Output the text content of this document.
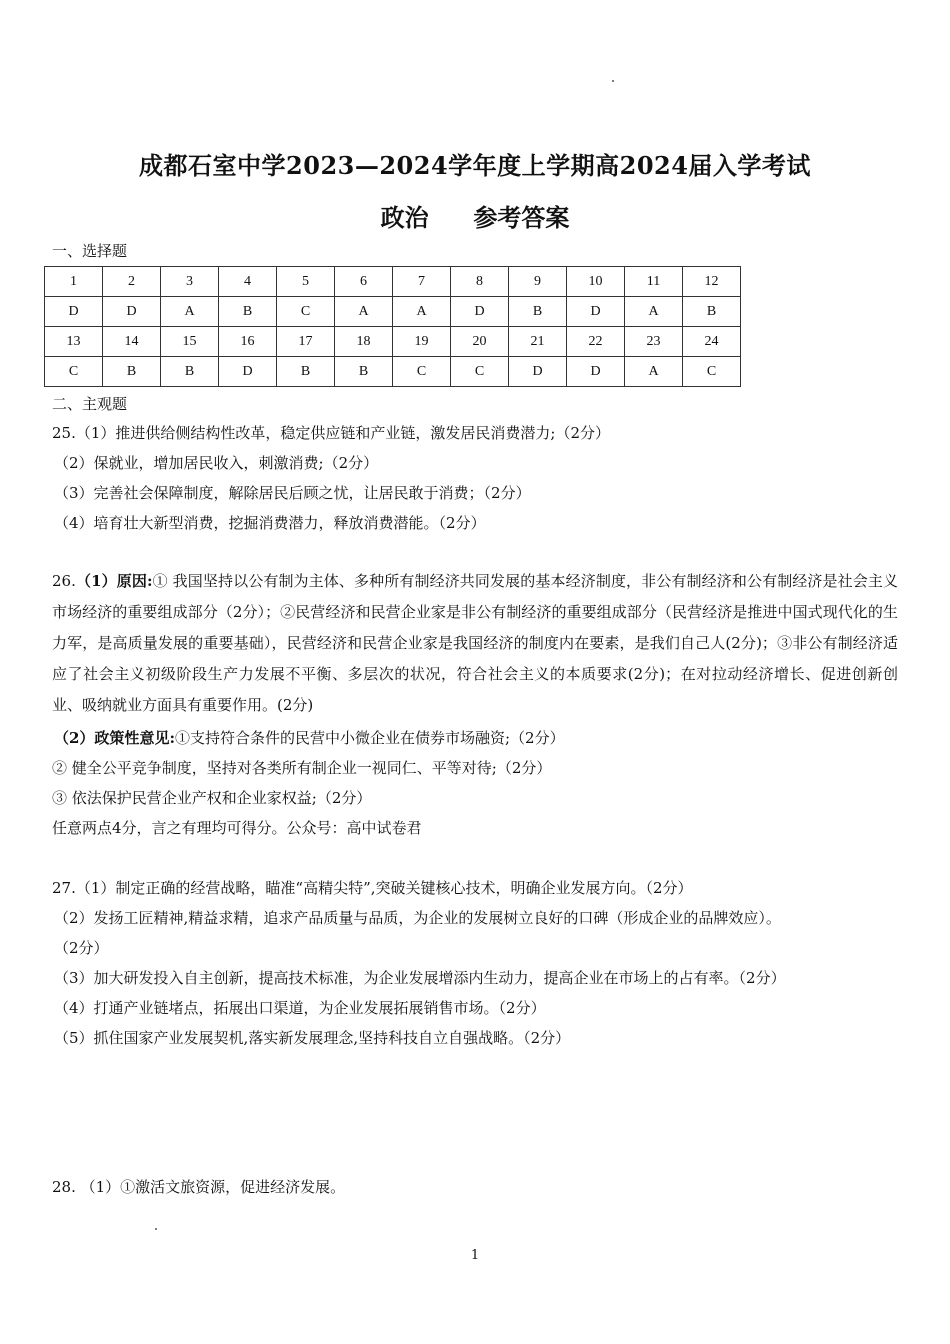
成都石室中学2023—2024学年度上学期高2024届入学考试
政治 参考答案
一、选择题
1	2	3	4	5	6	7	8	9	10	11	12
D	D	A	B	C	A	A	D	B	D	A	B
13	14	15	16	17	18	19	20	21	22	23	24
C	B	B	D	B	B	C	C	D	D	A	C
二、主观题
25.（1）推进供给侧结构性改革，稳定供应链和产业链，激发居民消费潜力;（2分）
（2）保就业，增加居民收入，刺激消费;（2分）
（3）完善社会保障制度，解除居民后顾之忧，让居民敢于消费；（2分）
（4）培育壮大新型消费，挖掘消费潜力，释放消费潜能。（2分）
26.（1）原因:① 我国坚持以公有制为主体、多种所有制经济共同发展的基本经济制度，非公有制经济和公有制经济是社会主义市场经济的重要组成部分（2分）；②民营经济和民营企业家是非公有制经济的重要组成部分（民营经济是推进中国式现代化的生力军，是高质量发展的重要基础），民营经济和民营企业家是我国经济的制度内在要素，是我们自己人(2分)；③非公有制经济适应了社会主义初级阶段生产力发展不平衡、多层次的状况，符合社会主义的本质要求(2分)；在对拉动经济增长、促进创新创业、吸纳就业方面具有重要作用。(2分)
（2）政策性意见:①支持符合条件的民营中小微企业在债券市场融资;（2分）
② 健全公平竞争制度，坚持对各类所有制企业一视同仁、平等对待;（2分）
③ 依法保护民营企业产权和企业家权益;（2分）
任意两点4分，言之有理均可得分。公众号：高中试卷君
27.（1）制定正确的经营战略，瞄准“高精尖特”,突破关键核心技术，明确企业发展方向。（2分）
（2）发扬工匠精神,精益求精，追求产品质量与品质，为企业的发展树立良好的口碑（形成企业的品牌效应）。
（2分）
（3）加大研发投入自主创新，提高技术标准，为企业发展增添内生动力，提高企业在市场上的占有率。（2分）
（4）打通产业链堵点，拓展出口渠道，为企业发展拓展销售市场。（2分）
（5）抓住国家产业发展契机,落实新发展理念,坚持科技自立自强战略。（2分）
28. （1）①激活文旅资源，促进经济发展。
1
